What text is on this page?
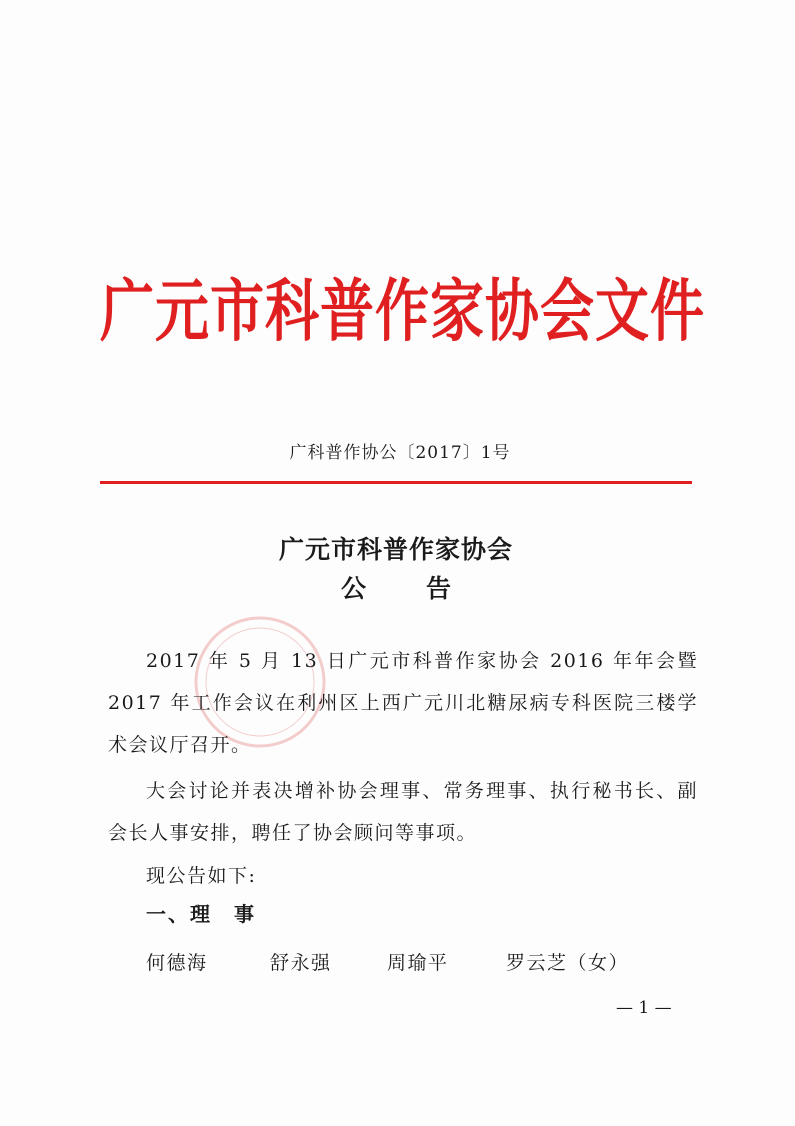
广元市科普作家协会文件
广科普作协公〔2017〕1号
广元市科普作家协会
公告
2017 年 5 月 13 日广元市科普作家协会 2016 年年会暨 2017 年工作会议在利州区上西广元川北糖尿病专科医院三楼学术会议厅召开。
大会讨论并表决增补协会理事、常务理事、执行秘书长、副会长人事安排，聘任了协会顾问等事项。
现公告如下:
一、理事
何德海	舒永强	周瑜平	罗云芝（女）
— 1 —
